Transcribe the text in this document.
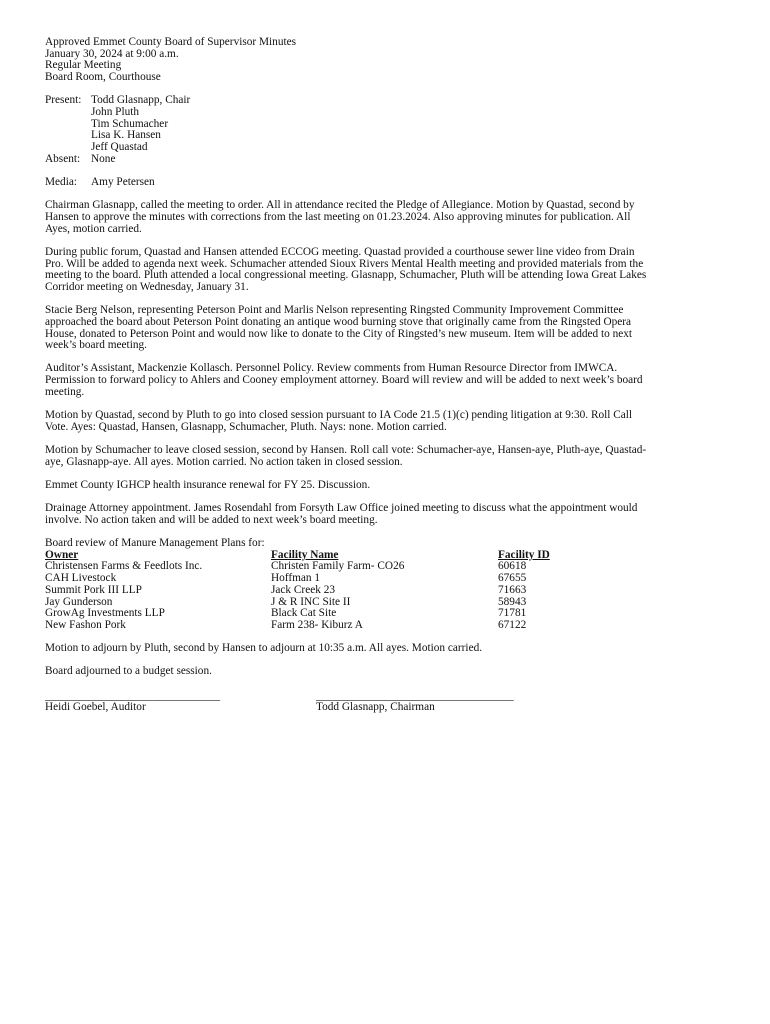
Approved Emmet County Board of Supervisor Minutes
January 30, 2024 at 9:00 a.m.
Regular Meeting
Board Room, Courthouse
Present: Todd Glasnapp, Chair
John Pluth
Tim Schumacher
Lisa K. Hansen
Jeff Quastad
Absent: None
Media:	Amy Petersen
Chairman Glasnapp, called the meeting to order. All in attendance recited the Pledge of Allegiance. Motion by Quastad, second by
Hansen to approve the minutes with corrections from the last meeting on 01.23.2024. Also approving minutes for publication. All
Ayes, motion carried.
During public forum, Quastad and Hansen attended ECCOG meeting. Quastad provided a courthouse sewer line video from Drain
Pro. Will be added to agenda next week. Schumacher attended Sioux Rivers Mental Health meeting and provided materials from the
meeting to the board. Pluth attended a local congressional meeting. Glasnapp, Schumacher, Pluth will be attending Iowa Great Lakes
Corridor meeting on Wednesday, January 31.
Stacie Berg Nelson, representing Peterson Point and Marlis Nelson representing Ringsted Community Improvement Committee
approached the board about Peterson Point donating an antique wood burning stove that originally came from the Ringsted Opera
House, donated to Peterson Point and would now like to donate to the City of Ringsted’s new museum. Item will be added to next
week’s board meeting.
Auditor’s Assistant, Mackenzie Kollasch. Personnel Policy. Review comments from Human Resource Director from IMWCA.
Permission to forward policy to Ahlers and Cooney employment attorney. Board will review and will be added to next week’s board
meeting.
Motion by Quastad, second by Pluth to go into closed session pursuant to IA Code 21.5 (1)(c) pending litigation at 9:30. Roll Call
Vote. Ayes: Quastad, Hansen, Glasnapp, Schumacher, Pluth. Nays: none. Motion carried.
Motion by Schumacher to leave closed session, second by Hansen. Roll call vote: Schumacher-aye, Hansen-aye, Pluth-aye, Quastad-
aye, Glasnapp-aye. All ayes. Motion carried. No action taken in closed session.
Emmet County IGHCP health insurance renewal for FY 25. Discussion.
Drainage Attorney appointment. James Rosendahl from Forsyth Law Office joined meeting to discuss what the appointment would
involve. No action taken and will be added to next week’s board meeting.
Board review of Manure Management Plans for:
Owner	Facility Name	Facility ID
Christensen Farms & Feedlots Inc.	Christen Family Farm- CO26	60618
CAH Livestock	Hoffman 1	67655
Summit Pork III LLP	Jack Creek 23	71663
Jay Gunderson	J & R INC Site II	58943
GrowAg Investments LLP	Black Cat Site	71781
New Fashon Pork	Farm 238- Kiburz A	67122
Motion to adjourn by Pluth, second by Hansen to adjourn at 10:35 a.m. All ayes. Motion carried.
Board adjourned to a budget session.
_______________________________
Heidi Goebel, Auditor
___________________________________
Todd Glasnapp, Chairman
